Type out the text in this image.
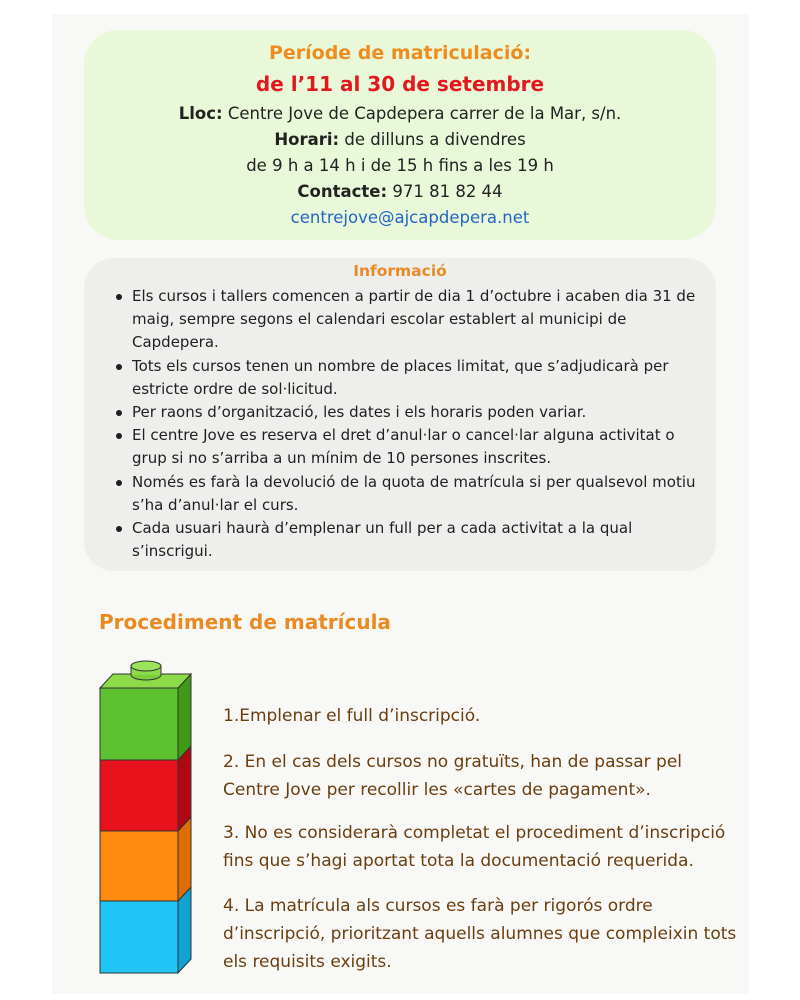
Període de matriculació:
de l’11 al 30 de setembre
Lloc: Centre Jove de Capdepera carrer de la Mar, s/n.
Horari: de dilluns a divendres
de 9 h a 14 h i de 15 h fins a les 19 h
Contacte: 971 81 82 44
centrejove@ajcapdepera.net
Informació
Els cursos i tallers comencen a partir de dia 1 d’octubre i acaben dia 31 de maig, sempre segons el calendari escolar establert al municipi de Capdepera.
Tots els cursos tenen un nombre de places limitat, que s’adjudicarà per estricte ordre de sol·licitud.
Per raons d’organització, les dates i els horaris poden variar.
El centre Jove es reserva el dret d’anul·lar o cancel·lar alguna activitat o grup si no s’arriba a un mínim de 10 persones inscrites.
Només es farà la devolució de la quota de matrícula si per qualsevol motiu s’ha d’anul·lar el curs.
Cada usuari haurà d’emplenar un full per a cada activitat a la qual s’inscrigui.
Procediment de matrícula
1.Emplenar el full d’inscripció.
2. En el cas dels cursos no gratuïts, han de passar pel Centre Jove per recollir les «cartes de pagament».
3. No es considerarà completat el procediment d’inscripció fins que s’hagi aportat tota la documentació requerida.
4. La matrícula als cursos es farà per rigorós ordre d’inscripció, prioritzant aquells alumnes que compleixin tots els requisits exigits.
